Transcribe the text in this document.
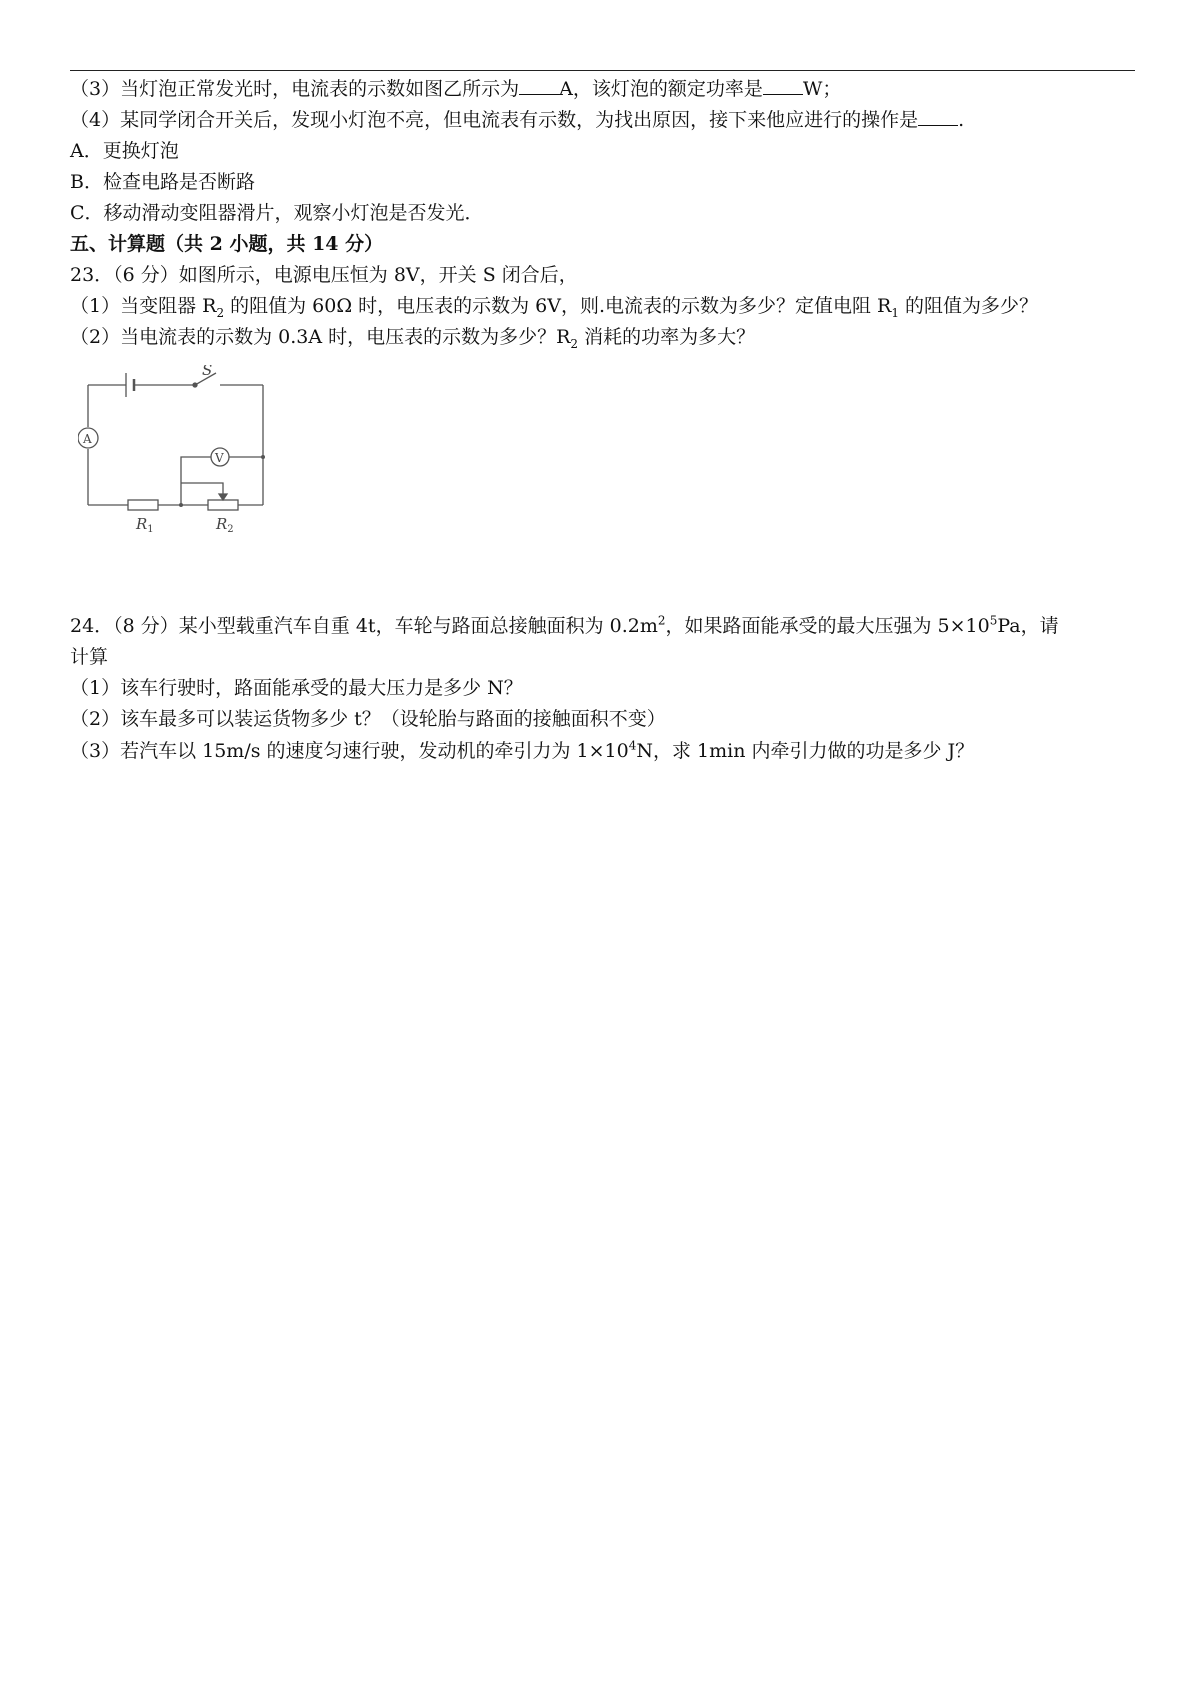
（3）当灯泡正常发光时，电流表的示数如图乙所示为 A，该灯泡的额定功率是 W；
（4）某同学闭合开关后，发现小灯泡不亮，但电流表有示数，为找出原因，接下来他应进行的操作是 .
A．更换灯泡
B．检查电路是否断路
C．移动滑动变阻器滑片，观察小灯泡是否发光．
五、计算题（共 2 小题，共 14 分）
23．（6 分）如图所示，电源电压恒为 8V，开关 S 闭合后，
（1）当变阻器 $R_2$ 的阻值为 60Ω 时，电压表的示数为 6V，则.电流表的示数为多少？定值电阻 $R_1$ 的阻值为多少？
（2）当电流表的示数为 0.3A 时，电压表的示数为多少？$R_2$ 消耗的功率为多大？
S
A
V
$R_1$	$R_2$
24．（8 分）某小型载重汽车自重 4t，车轮与路面总接触面积为 $0.2m^2$，如果路面能承受的最大压强为 $5\times 10^5Pa$，请
计算
（1）该车行驶时，路面能承受的最大压力是多少 N？
（2）该车最多可以装运货物多少 t？（设轮胎与路面的接触面积不变）
（3）若汽车以 15m/s 的速度匀速行驶，发动机的牵引力为 $1\times 10^4N$，求 1min 内牵引力做的功是多少 J？
